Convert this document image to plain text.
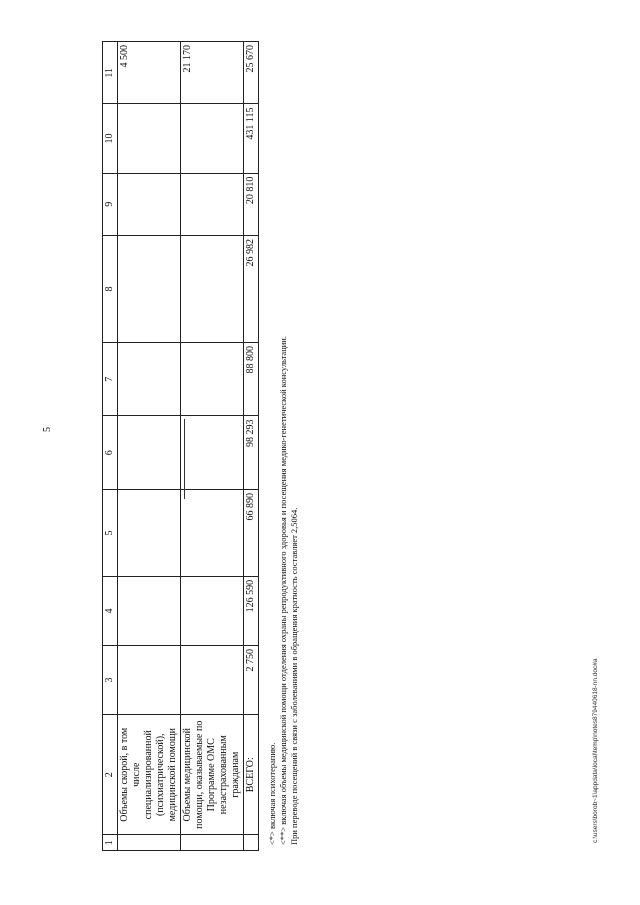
5
1	2	3	4	5	6	7	8	9	10	11
	Объемы скорой, в том числе специализированной (психиатрической), медицинской помощи									4 500
	Объемы медицинской помощи, оказываемые по Программе ОМС незастрахованным гражданам									21 170
	ВСЕГО:	2 750	126 590	66 890	98 293	88 800	26 982	20 810	431 115	25 670
<*> включая психотерапию. <**> включая объемы медицинской помощи отделения охраны репродуктивного здоровья и посещения медико-генетической консультации. При переводе посещений в связи с заболеваниями в обращения кратность составляет 2,5064.	c:\users\borob~1\appdata\local\temp\notes879440618-nn.doc#a
